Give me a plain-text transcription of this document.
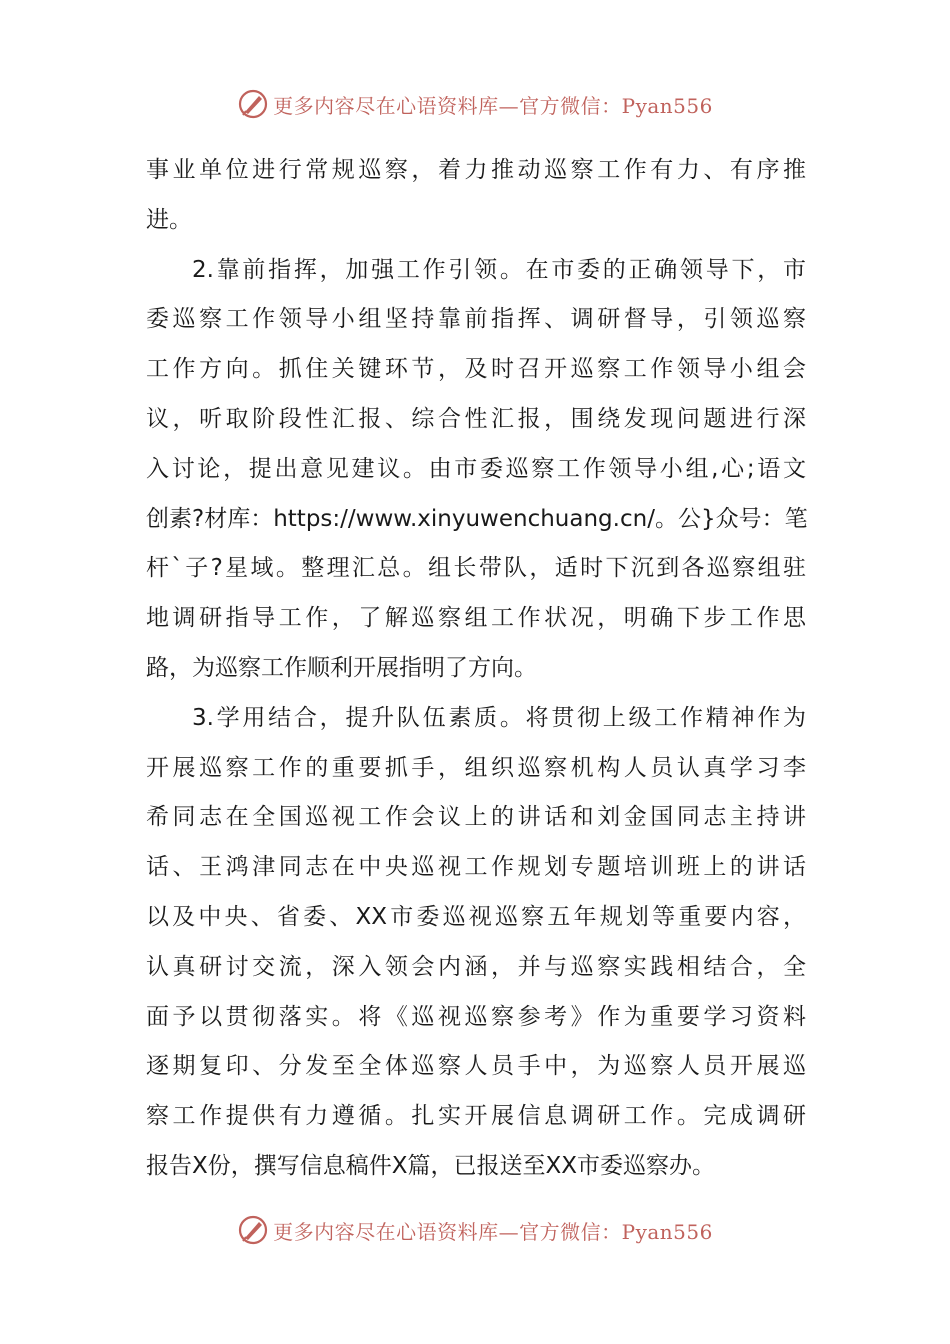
更多内容尽在心语资料库—官方微信：Pyan556
事业单位进行常规巡察，着力推动巡察工作有力、有序推
进。
2.靠前指挥，加强工作引领。在市委的正确领导下，市
委巡察工作领导小组坚持靠前指挥、调研督导，引领巡察
工作方向。抓住关键环节，及时召开巡察工作领导小组会
议，听取阶段性汇报、综合性汇报，围绕发现问题进行深
入讨论，提出意见建议。由市委巡察工作领导小组,心;语文
创素?材库：https://www.xinyuwenchuang.cn/。公}众号：笔
杆`子?星域。整理汇总。组长带队，适时下沉到各巡察组驻
地调研指导工作，了解巡察组工作状况，明确下步工作思
路，为巡察工作顺利开展指明了方向。
3.学用结合，提升队伍素质。将贯彻上级工作精神作为
开展巡察工作的重要抓手，组织巡察机构人员认真学习李
希同志在全国巡视工作会议上的讲话和刘金国同志主持讲
话、王鸿津同志在中央巡视工作规划专题培训班上的讲话
以及中央、省委、XX市委巡视巡察五年规划等重要内容，
认真研讨交流，深入领会内涵，并与巡察实践相结合，全
面予以贯彻落实。将《巡视巡察参考》作为重要学习资料
逐期复印、分发至全体巡察人员手中，为巡察人员开展巡
察工作提供有力遵循。扎实开展信息调研工作。完成调研
报告X份，撰写信息稿件X篇，已报送至XX市委巡察办。
更多内容尽在心语资料库—官方微信：Pyan556
